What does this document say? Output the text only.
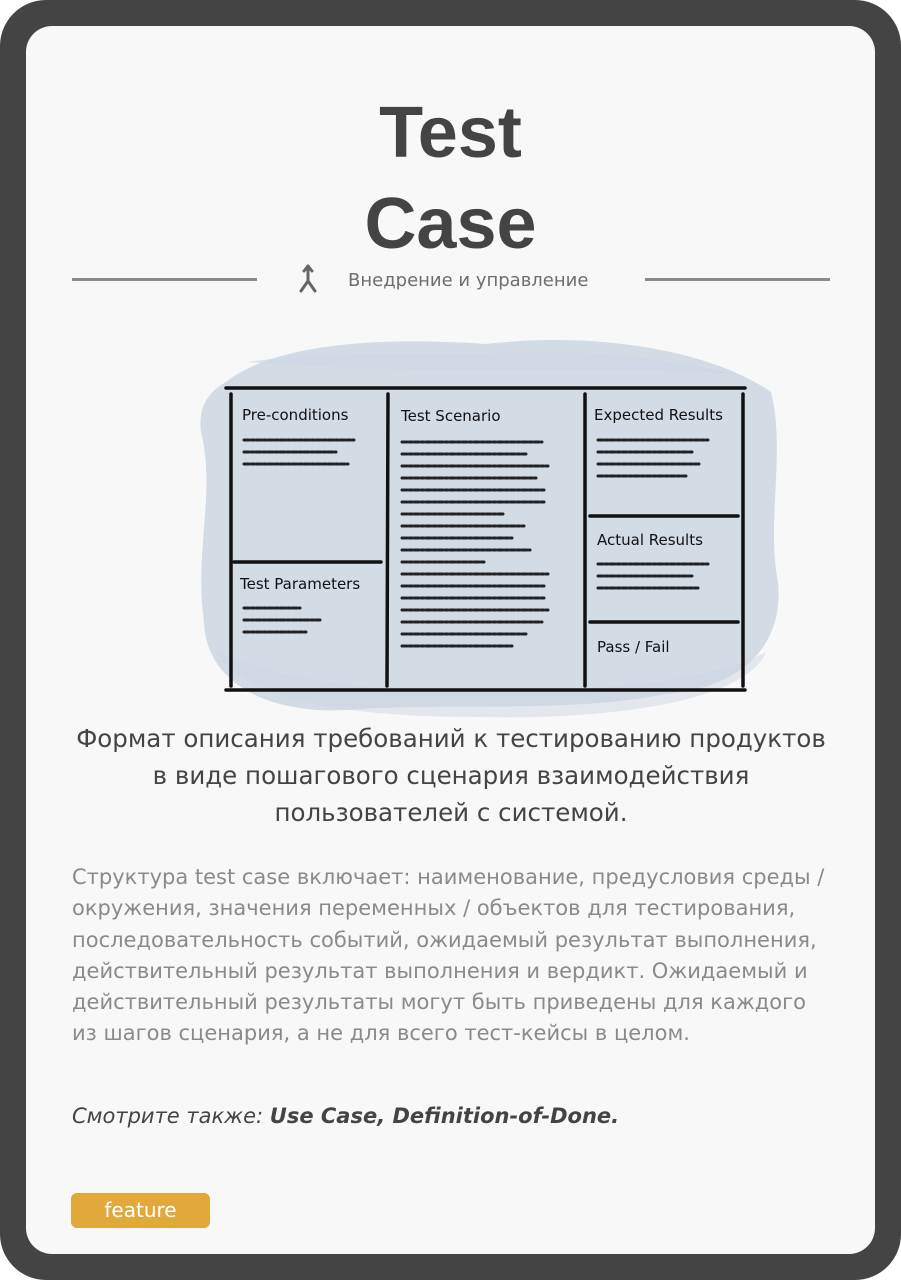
Test
Case
Внедрение и управление
Pre-conditions
Test Parameters
Test Scenario	Expected Results
Actual Results
Pass / Fail
Формат описания требований к тестированию продуктов в виде пошагового сценария взаимодействия пользователей с системой.
Структура test case включает: наименование, предусловия среды / окружения, значения переменных / объектов для тестирования, последовательность событий, ожидаемый результат выполнения, действительный результат выполнения и вердикт. Ожидаемый и действительный результаты могут быть приведены для каждого из шагов сценария, а не для всего тест-кейсы в целом.
Смотрите также: Use Case, Definition-of-Done.
feature
